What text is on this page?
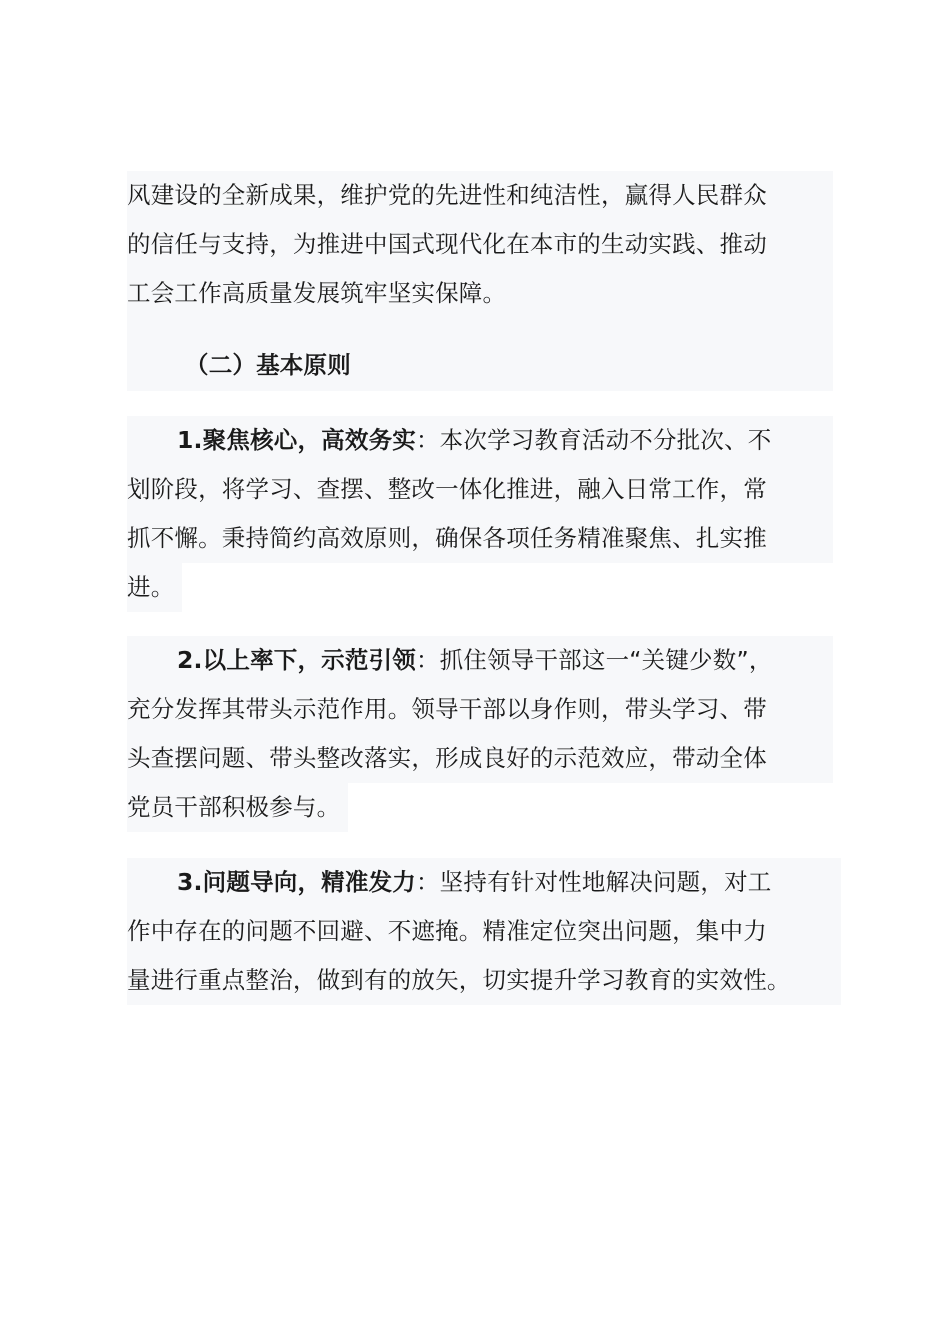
风建设的全新成果，维护党的先进性和纯洁性，赢得人民群众
的信任与支持，为推进中国式现代化在本市的生动实践、推动
工会工作高质量发展筑牢坚实保障。
（二）基本原则
1.聚焦核心，高效务实：本次学习教育活动不分批次、不
划阶段，将学习、查摆、整改一体化推进，融入日常工作，常
抓不懈。秉持简约高效原则，确保各项任务精准聚焦、扎实推
进。
2.以上率下，示范引领：抓住领导干部这一“关键少数”，
充分发挥其带头示范作用。领导干部以身作则，带头学习、带
头查摆问题、带头整改落实，形成良好的示范效应，带动全体
党员干部积极参与。
3.问题导向，精准发力：坚持有针对性地解决问题，对工
作中存在的问题不回避、不遮掩。精准定位突出问题，集中力
量进行重点整治，做到有的放矢，切实提升学习教育的实效性。
